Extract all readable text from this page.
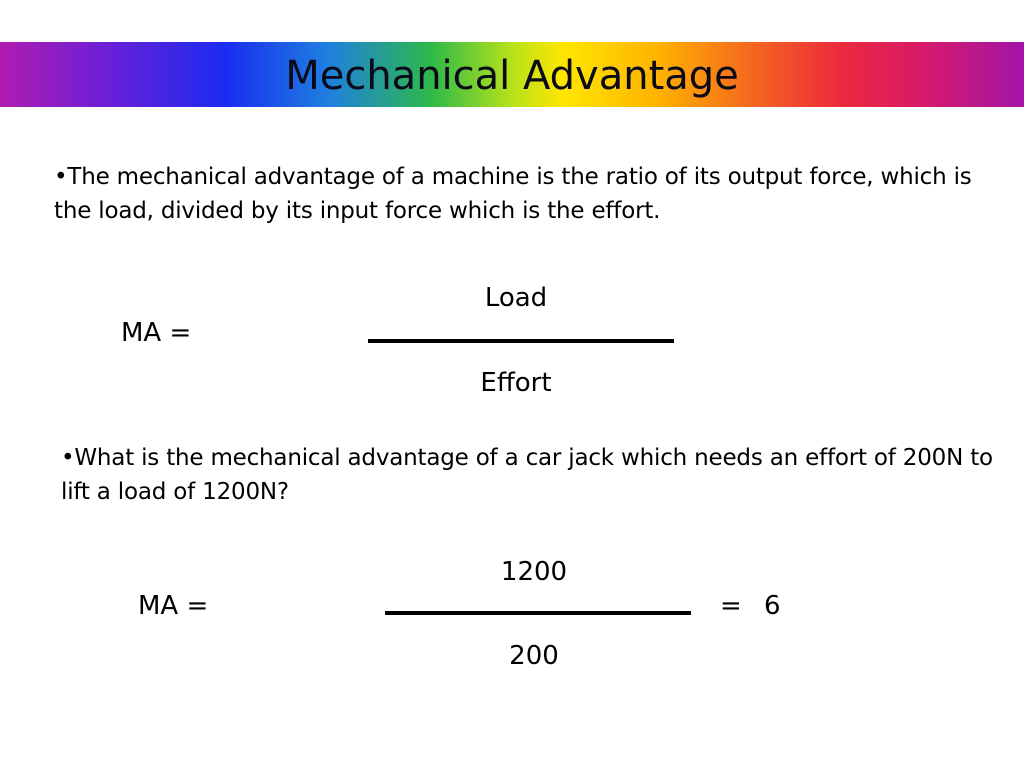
Mechanical Advantage
•The mechanical advantage of a machine is the ratio of its output force, which is the load, divided by its input force which is the effort.
MA =
Load
Effort
•What is the mechanical advantage of a car jack which needs an effort of 200N to lift a load of 1200N?
MA =
1200
200
= 6
